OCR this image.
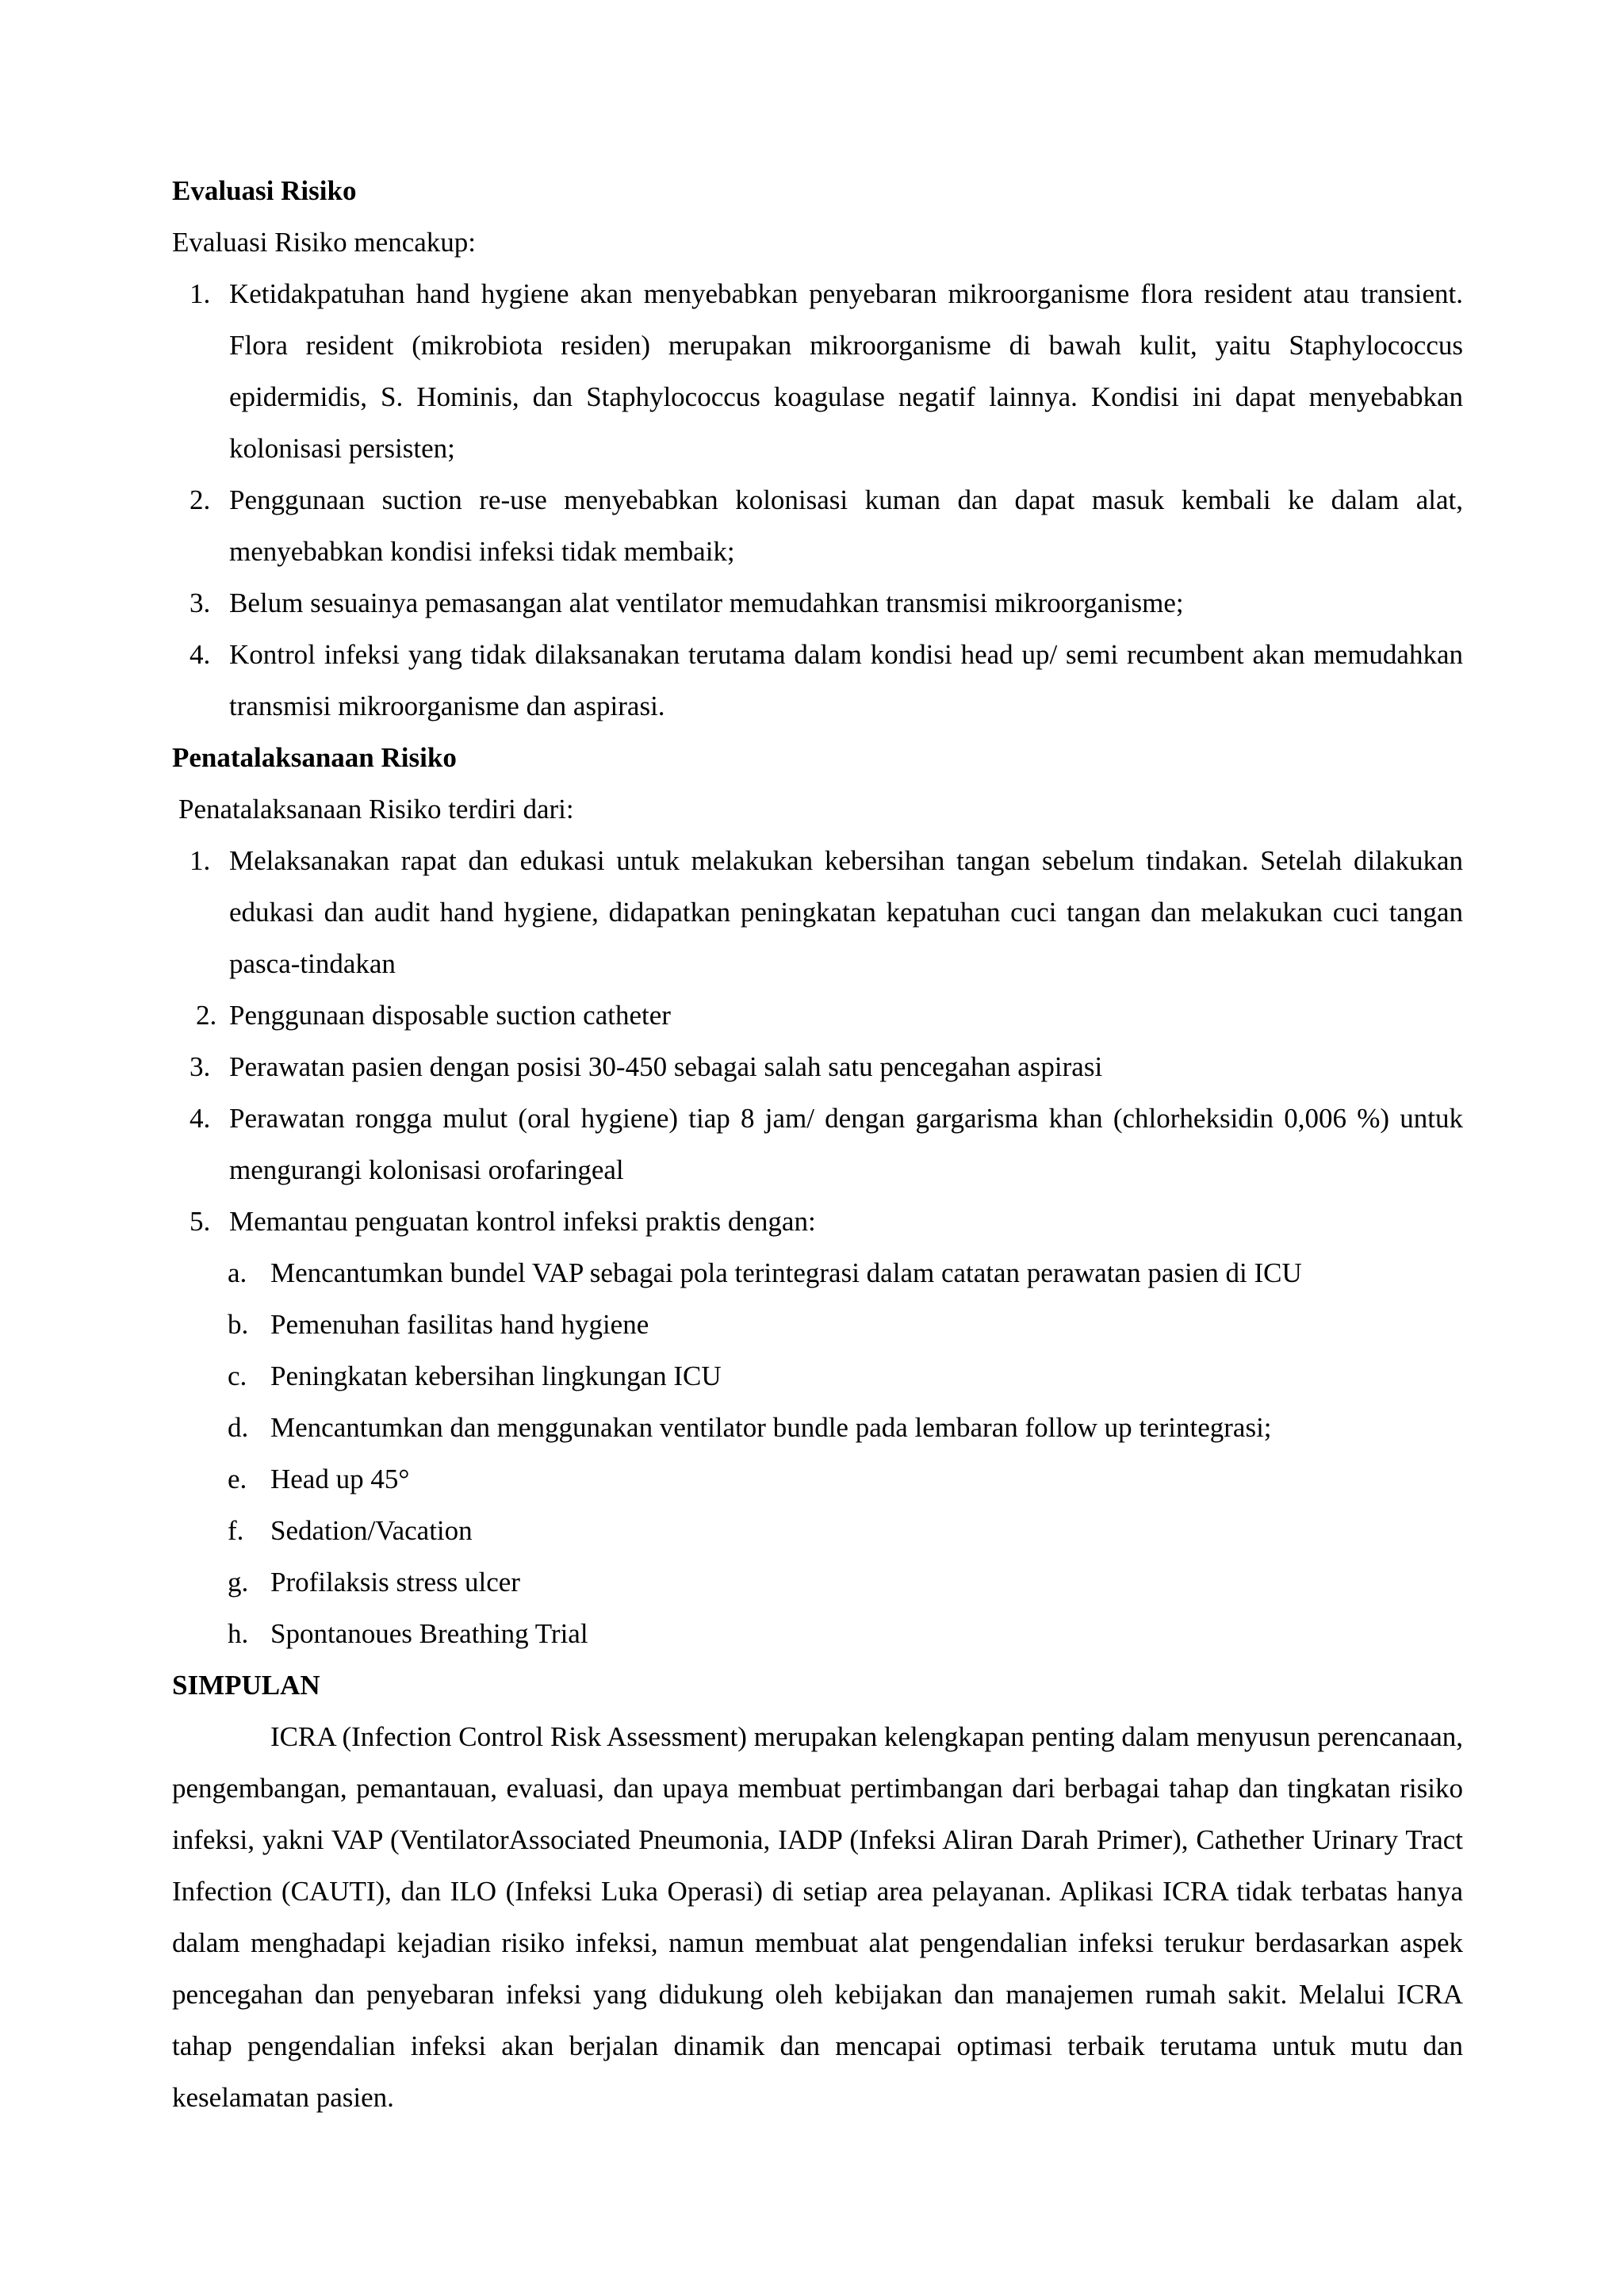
Evaluasi Risiko
Evaluasi Risiko mencakup:
1. Ketidakpatuhan hand hygiene akan menyebabkan penyebaran mikroorganisme flora resident atau transient. Flora resident (mikrobiota residen) merupakan mikroorganisme di bawah kulit, yaitu Staphylococcus epidermidis, S. Hominis, dan Staphylococcus koagulase negatif lainnya. Kondisi ini dapat menyebabkan kolonisasi persisten;
2. Penggunaan suction re-use menyebabkan kolonisasi kuman dan dapat masuk kembali ke dalam alat, menyebabkan kondisi infeksi tidak membaik;
3. Belum sesuainya pemasangan alat ventilator memudahkan transmisi mikroorganisme;
4. Kontrol infeksi yang tidak dilaksanakan terutama dalam kondisi head up/ semi recumbent akan memudahkan transmisi mikroorganisme dan aspirasi.
Penatalaksanaan Risiko
Penatalaksanaan Risiko terdiri dari:
1. Melaksanakan rapat dan edukasi untuk melakukan kebersihan tangan sebelum tindakan. Setelah dilakukan edukasi dan audit hand hygiene, didapatkan peningkatan kepatuhan cuci tangan dan melakukan cuci tangan pasca-tindakan
2. Penggunaan disposable suction catheter
3. Perawatan pasien dengan posisi 30-450 sebagai salah satu pencegahan aspirasi
4. Perawatan rongga mulut (oral hygiene) tiap 8 jam/ dengan gargarisma khan (chlorheksidin 0,006 %) untuk mengurangi kolonisasi orofaringeal
5. Memantau penguatan kontrol infeksi praktis dengan:
a. Mencantumkan bundel VAP sebagai pola terintegrasi dalam catatan perawatan pasien di ICU
b. Pemenuhan fasilitas hand hygiene
c. Peningkatan kebersihan lingkungan ICU
d. Mencantumkan dan menggunakan ventilator bundle pada lembaran follow up terintegrasi;
e. Head up 45°
f. Sedation/Vacation
g. Profilaksis stress ulcer
h. Spontanoues Breathing Trial
SIMPULAN

ICRA (Infection Control Risk Assessment) merupakan kelengkapan penting dalam menyusun perencanaan, pengembangan, pemantauan, evaluasi, dan upaya membuat pertimbangan dari berbagai tahap dan tingkatan risiko infeksi, yakni VAP (VentilatorAssociated Pneumonia, IADP (Infeksi Aliran Darah Primer), Cathether Urinary Tract Infection (CAUTI), dan ILO (Infeksi Luka Operasi) di setiap area pelayanan. Aplikasi ICRA tidak terbatas hanya dalam menghadapi kejadian risiko infeksi, namun membuat alat pengendalian infeksi terukur berdasarkan aspek pencegahan dan penyebaran infeksi yang didukung oleh kebijakan dan manajemen rumah sakit. Melalui ICRA tahap pengendalian infeksi akan berjalan dinamik dan mencapai optimasi terbaik terutama untuk mutu dan keselamatan pasien.
